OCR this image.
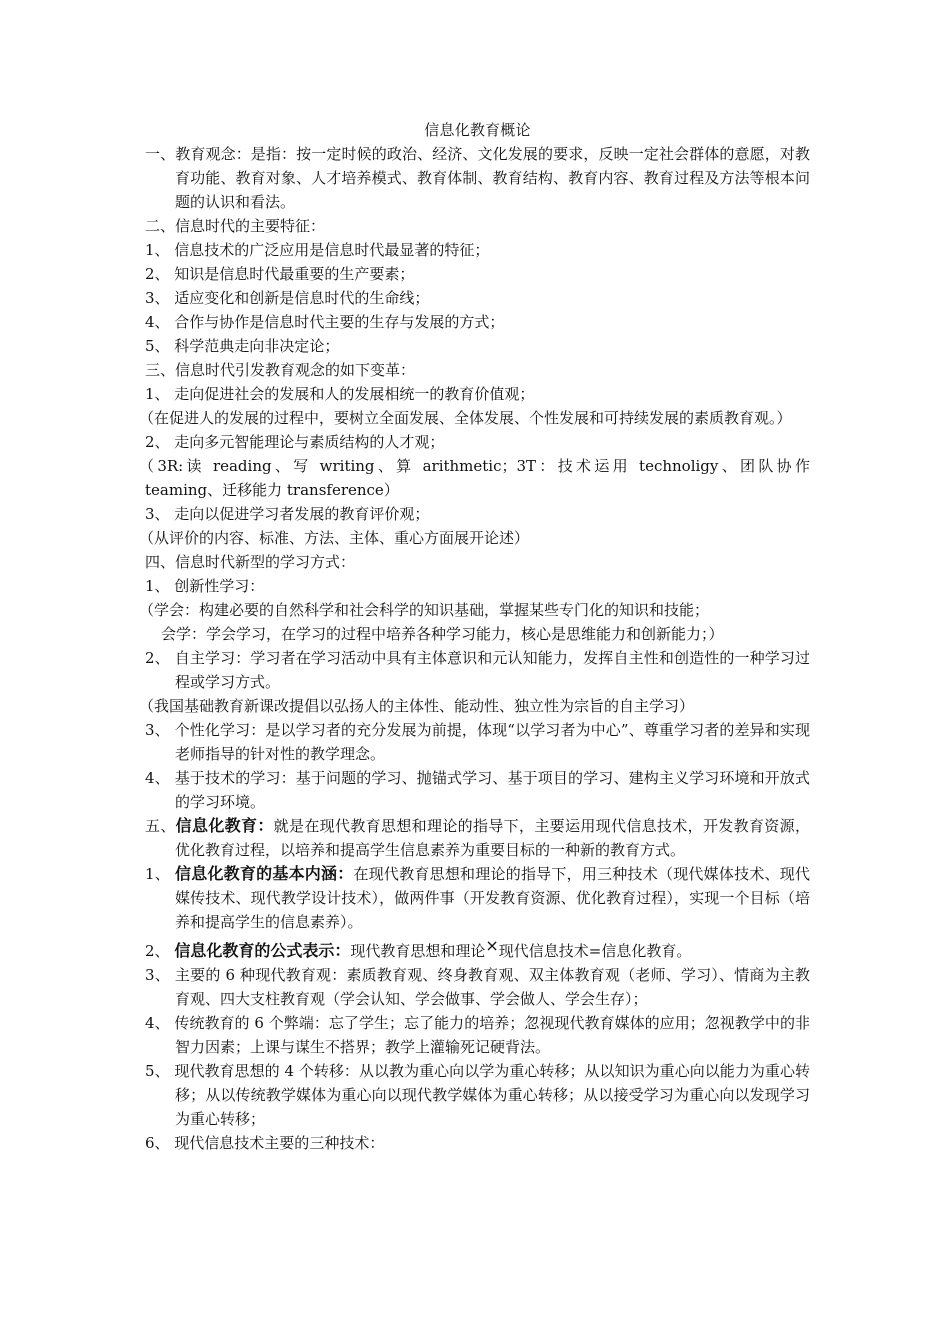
信息化教育概论

一、教育观念：是指：按一定时候的政治、经济、文化发展的要求，反映一定社会群体的意愿，对教育功能、教育对象、人才培养模式、教育体制、教育结构、教育内容、教育过程及方法等根本问题的认识和看法。

二、信息时代的主要特征：

1、 信息技术的广泛应用是信息时代最显著的特征；

2、 知识是信息时代最重要的生产要素；

3、 适应变化和创新是信息时代的生命线；

4、 合作与协作是信息时代主要的生存与发展的方式；

5、 科学范典走向非决定论；

三、信息时代引发教育观念的如下变革：

1、 走向促进社会的发展和人的发展相统一的教育价值观；

（在促进人的发展的过程中，要树立全面发展、全体发展、个性发展和可持续发展的素质教育观。）

2、 走向多元智能理论与素质结构的人才观；

（3R:读 reading、写 writing、算 arithmetic；3T：技术运用 technoligy、团队协作 teaming、迁移能力 transference）

3、 走向以促进学习者发展的教育评价观；

（从评价的内容、标准、方法、主体、重心方面展开论述）

四、信息时代新型的学习方式：

1、 创新性学习：

（学会：构建必要的自然科学和社会科学的知识基础，掌握某些专门化的知识和技能；

会学：学会学习，在学习的过程中培养各种学习能力，核心是思维能力和创新能力；）

2、 自主学习：学习者在学习活动中具有主体意识和元认知能力，发挥自主性和创造性的一种学习过程或学习方式。

（我国基础教育新课改提倡以弘扬人的主体性、能动性、独立性为宗旨的自主学习）

3、 个性化学习：是以学习者的充分发展为前提，体现“以学习者为中心”、尊重学习者的差异和实现老师指导的针对性的教学理念。

4、 基于技术的学习：基于问题的学习、抛锚式学习、基于项目的学习、建构主义学习环境和开放式的学习环境。

五、信息化教育：就是在现代教育思想和理论的指导下，主要运用现代信息技术，开发教育资源，优化教育过程，以培养和提高学生信息素养为重要目标的一种新的教育方式。

1、 信息化教育的基本内涵：在现代教育思想和理论的指导下，用三种技术（现代媒体技术、现代媒传技术、现代教学设计技术），做两件事（开发教育资源、优化教育过程），实现一个目标（培养和提高学生的信息素养）。

2、 信息化教育的公式表示：现代教育思想和理论×现代信息技术=信息化教育。

3、 主要的 6 种现代教育观：素质教育观、终身教育观、双主体教育观（老师、学习）、情商为主教育观、四大支柱教育观（学会认知、学会做事、学会做人、学会生存）；

4、 传统教育的 6 个弊端：忘了学生；忘了能力的培养；忽视现代教育媒体的应用；忽视教学中的非智力因素；上课与谋生不搭界；教学上灌输死记硬背法。

5、 现代教育思想的 4 个转移：从以教为重心向以学为重心转移；从以知识为重心向以能力为重心转移；从以传统教学媒体为重心向以现代教学媒体为重心转移；从以接受学习为重心向以发现学习为重心转移；

6、 现代信息技术主要的三种技术：
